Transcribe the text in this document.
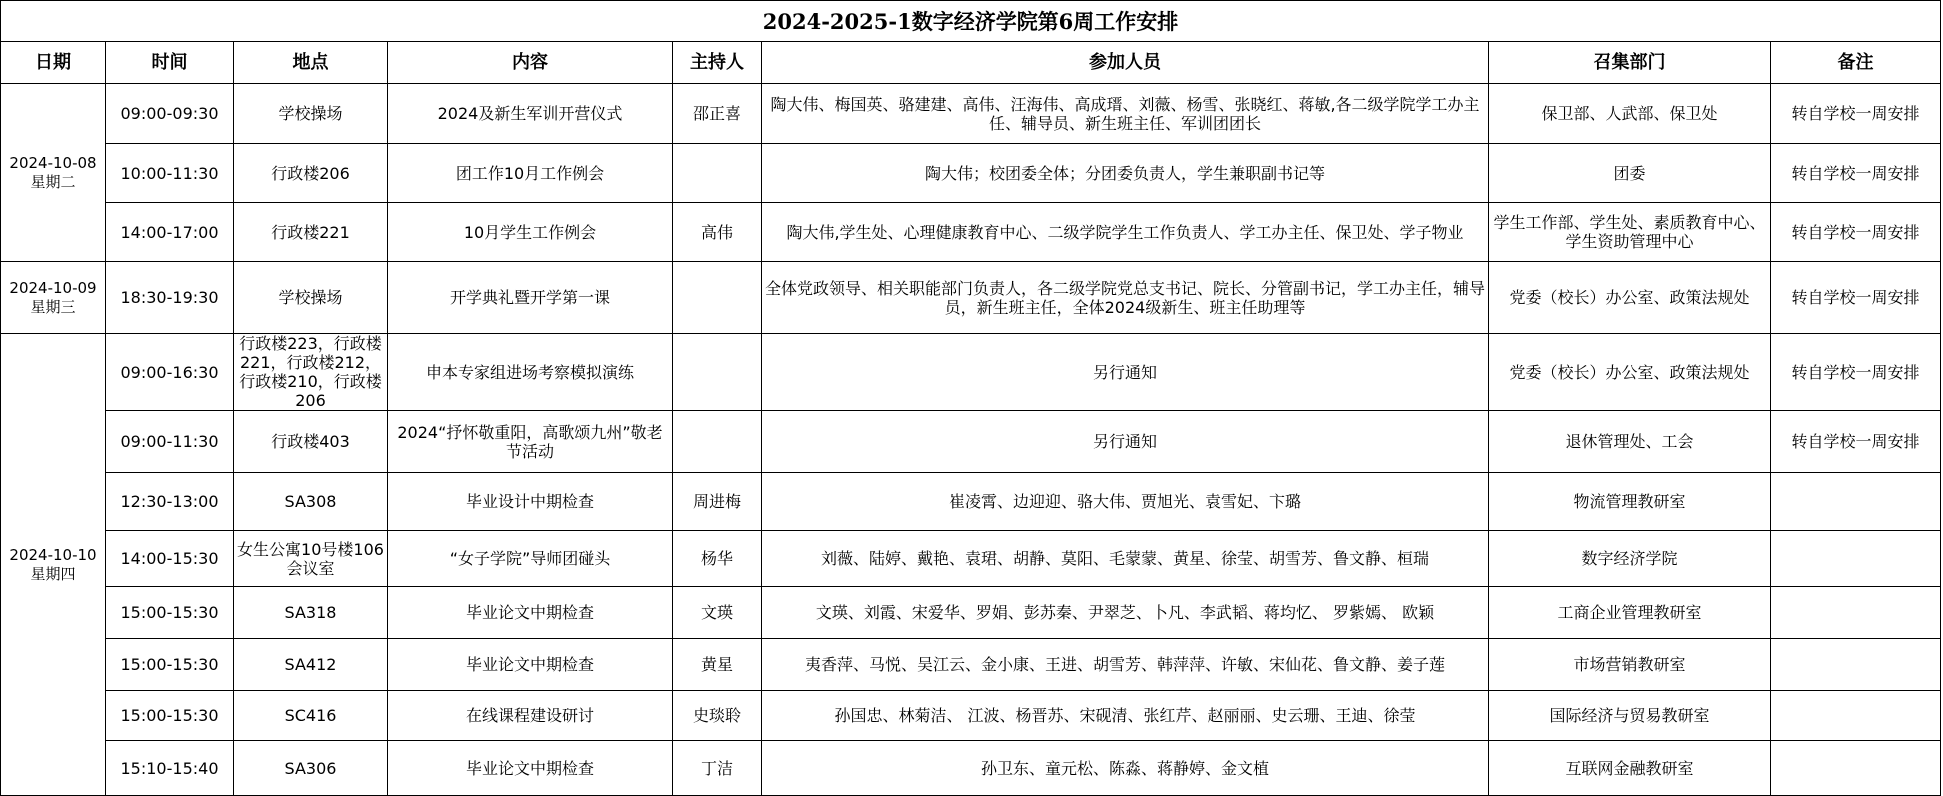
2024-2025-1数字经济学院第6周工作安排							
日期	时间	地点	内容	主持人	参加人员	召集部门	备注

2024-10-08
星期二	09:00-09:30	学校操场	2024及新生军训开营仪式	邵正喜	陶大伟、梅国英、骆建建、高伟、汪海伟、高成瑨、刘薇、杨雪、张晓红、蒋敏,各二级学院学工办主任、辅导员、新生班主任、军训团团长	保卫部、人武部、保卫处	转自学校一周安排
	10:00-11:30	行政楼206	团工作10月工作例会		陶大伟；校团委全体；分团委负责人，学生兼职副书记等	团委	转自学校一周安排
	14:00-17:00	行政楼221	10月学生工作例会	高伟	陶大伟,学生处、心理健康教育中心、二级学院学生工作负责人、学工办主任、保卫处、学子物业	学生工作部、学生处、素质教育中心、学生资助管理中心	转自学校一周安排

2024-10-09
星期三	18:30-19:30	学校操场	开学典礼暨开学第一课		全体党政领导、相关职能部门负责人，各二级学院党总支书记、院长、分管副书记，学工办主任，辅导员，新生班主任，全体2024级新生、班主任助理等	党委（校长）办公室、政策法规处	转自学校一周安排

2024-10-10
星期四	09:00-16:30	行政楼223，行政楼221，行政楼212，行政楼210，行政楼206	申本专家组进场考察模拟演练		另行通知	党委（校长）办公室、政策法规处	转自学校一周安排
	09:00-11:30	行政楼403	2024“抒怀敬重阳，高歌颂九州”敬老节活动		另行通知	退休管理处、工会	转自学校一周安排
	12:30-13:00	SA308	毕业设计中期检查	周进梅	崔凌霄、边迎迎、骆大伟、贾旭光、袁雪妃、卞璐	物流管理教研室	
	14:00-15:30	女生公寓10号楼106会议室	“女子学院”导师团碰头	杨华	刘薇、陆婷、戴艳、袁珺、胡静、莫阳、毛蒙蒙、黄星、徐莹、胡雪芳、鲁文静、桓瑞	数字经济学院	
	15:00-15:30	SA318	毕业论文中期检查	文瑛	文瑛、刘霞、宋爱华、罗娟、彭苏秦、尹翠芝、卜凡、李武韬、蒋均忆、 罗紫嫣、 欧颖	工商企业管理教研室	
	15:00-15:30	SA412	毕业论文中期检查	黄星	夷香萍、马悦、吴江云、金小康、王进、胡雪芳、韩萍萍、许敏、宋仙花、鲁文静、姜子莲	市场营销教研室	
	15:00-15:30	SC416	在线课程建设研讨	史琰聆	孙国忠、林菊洁、 江波、杨晋苏、宋砚清、张红芹、赵丽丽、史云珊、王迪、徐莹	国际经济与贸易教研室	
	15:10-15:40	SA306	毕业论文中期检查	丁洁	孙卫东、童元松、陈淼、蒋静婷、金文植	互联网金融教研室	
